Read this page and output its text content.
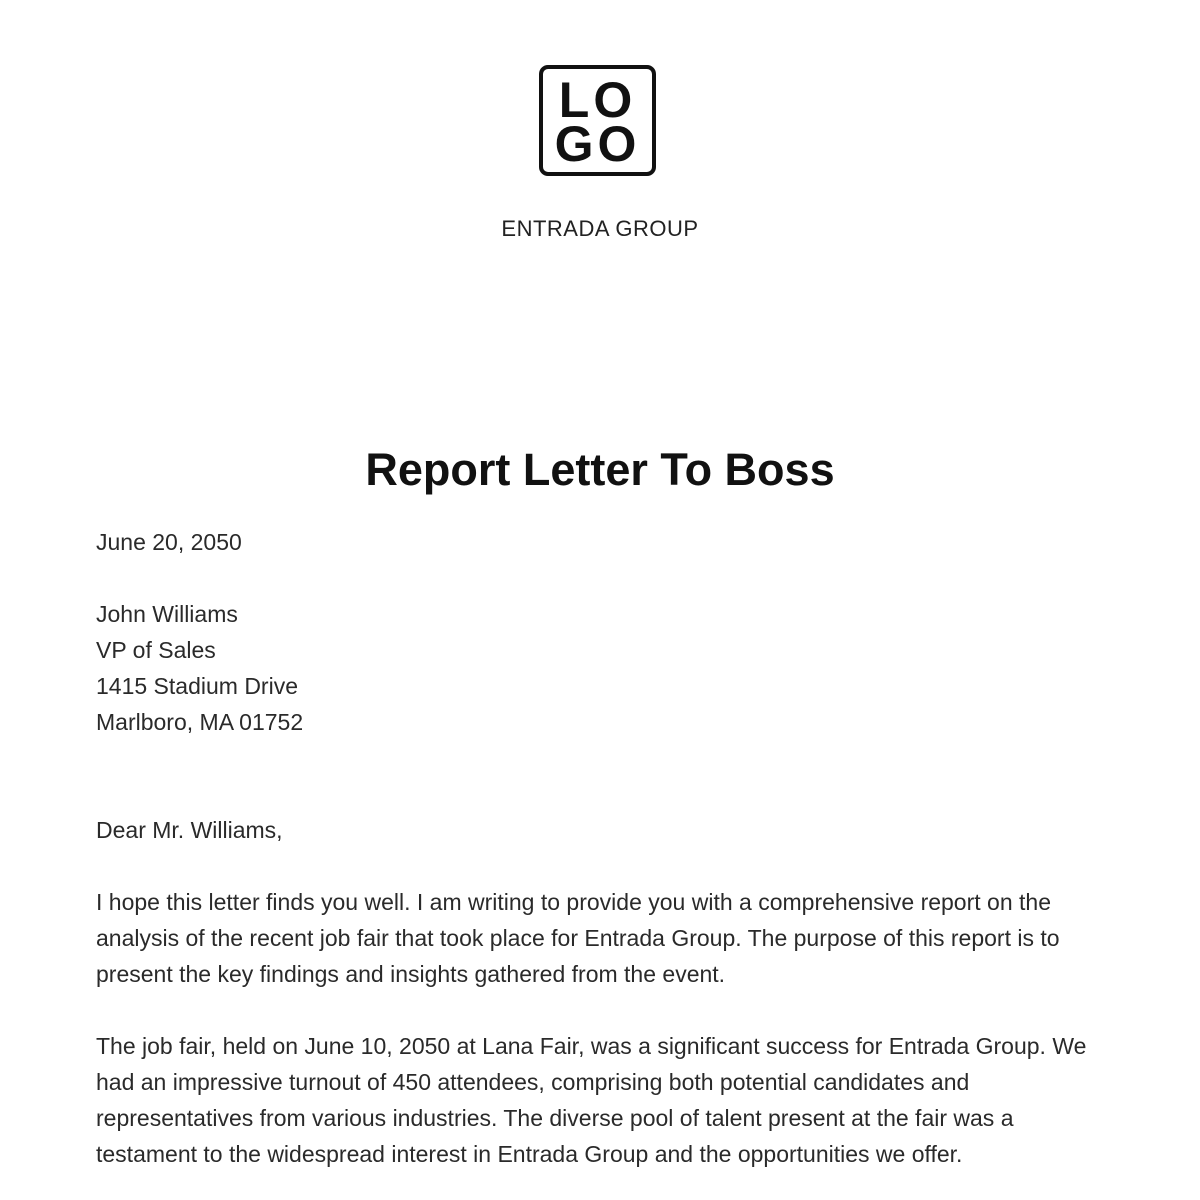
LO
GO
ENTRADA GROUP
Report Letter To Boss
June 20, 2050
John Williams
VP of Sales
1415 Stadium Drive
Marlboro, MA 01752
Dear Mr. Williams,

I hope this letter finds you well. I am writing to provide you with a comprehensive report on the analysis of the recent job fair that took place for Entrada Group. The purpose of this report is to present the key findings and insights gathered from the event.

The job fair, held on June 10, 2050 at Lana Fair, was a significant success for Entrada Group. We had an impressive turnout of 450 attendees, comprising both potential candidates and representatives from various industries. The diverse pool of talent present at the fair was a testament to the widespread interest in Entrada Group and the opportunities we offer.
